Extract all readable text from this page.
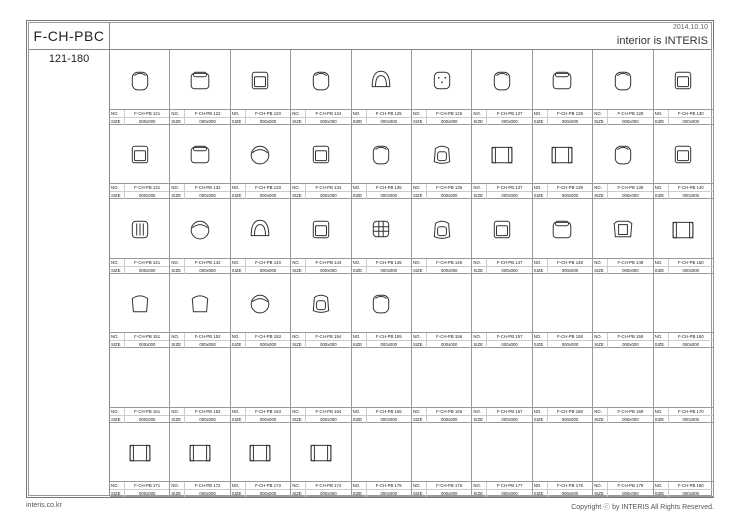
F-CH-PBC
121-180
2014.10.10
interior is INTERIS
NO.	F-CH-PB 121
SIZE	000x000
NO.	F-CH-PB 122
SIZE	000x000
NO.	F-CH-PB 123
SIZE	000x000
NO.	F-CH-PB 124
SIZE	000x000
NO.	F-CH-PB 125
SIZE	000x000
NO.	F-CH-PB 126
SIZE	000x000
NO.	F-CH-PB 127
SIZE	000x000
NO.	F-CH-PB 128
SIZE	000x000
NO.	F-CH-PB 129
SIZE	000x000
NO.	F-CH-PB 130
SIZE	000x000
NO.	F-CH-PB 131
SIZE	000x000
NO.	F-CH-PB 132
SIZE	000x000
NO.	F-CH-PB 133
SIZE	000x000
NO.	F-CH-PB 134
SIZE	000x000
NO.	F-CH-PB 135
SIZE	000x000
NO.	F-CH-PB 136
SIZE	000x000
NO.	F-CH-PB 137
SIZE	000x000
NO.	F-CH-PB 138
SIZE	000x000
NO.	F-CH-PB 139
SIZE	000x000
NO.	F-CH-PB 140
SIZE	000x000
NO.	F-CH-PB 141
SIZE	000x000
NO.	F-CH-PB 142
SIZE	000x000
NO.	F-CH-PB 143
SIZE	000x000
NO.	F-CH-PB 144
SIZE	000x000
NO.	F-CH-PB 145
SIZE	000x000
NO.	F-CH-PB 146
SIZE	000x000
NO.	F-CH-PB 147
SIZE	000x000
NO.	F-CH-PB 148
SIZE	000x000
NO.	F-CH-PB 149
SIZE	000x000
NO.	F-CH-PB 150
SIZE	000x000
NO.	F-CH-PB 151
SIZE	000x000
NO.	F-CH-PB 152
SIZE	000x000
NO.	F-CH-PB 153
SIZE	000x000
NO.	F-CH-PB 154
SIZE	000x000
NO.	F-CH-PB 155
SIZE	000x000
NO.	F-CH-PB 156
SIZE	000x000
NO.	F-CH-PB 157
SIZE	000x000
NO.	F-CH-PB 158
SIZE	000x000
NO.	F-CH-PB 159
SIZE	000x000
NO.	F-CH-PB 160
SIZE	000x000
NO.	F-CH-PB 161
SIZE	000x000
NO.	F-CH-PB 162
SIZE	000x000
NO.	F-CH-PB 163
SIZE	000x000
NO.	F-CH-PB 164
SIZE	000x000
NO.	F-CH-PB 165
SIZE	000x000
NO.	F-CH-PB 166
SIZE	000x000
NO.	F-CH-PB 167
SIZE	000x000
NO.	F-CH-PB 168
SIZE	000x000
NO.	F-CH-PB 169
SIZE	000x000
NO.	F-CH-PB 170
SIZE	000x000
NO.	F-CH-PB 171
SIZE	000x000
NO.	F-CH-PB 172
SIZE	000x000
NO.	F-CH-PB 173
SIZE	000x000
NO.	F-CH-PB 174
SIZE	000x000
NO.	F-CH-PB 175
SIZE	000x000
NO.	F-CH-PB 176
SIZE	000x000
NO.	F-CH-PB 177
SIZE	000x000
NO.	F-CH-PB 178
SIZE	000x000
NO.	F-CH-PB 179
SIZE	000x000
NO.	F-CH-PB 180
SIZE	000x000
interis.co.kr	Copyright ⓒ by INTERIS All Rights Reserved.
